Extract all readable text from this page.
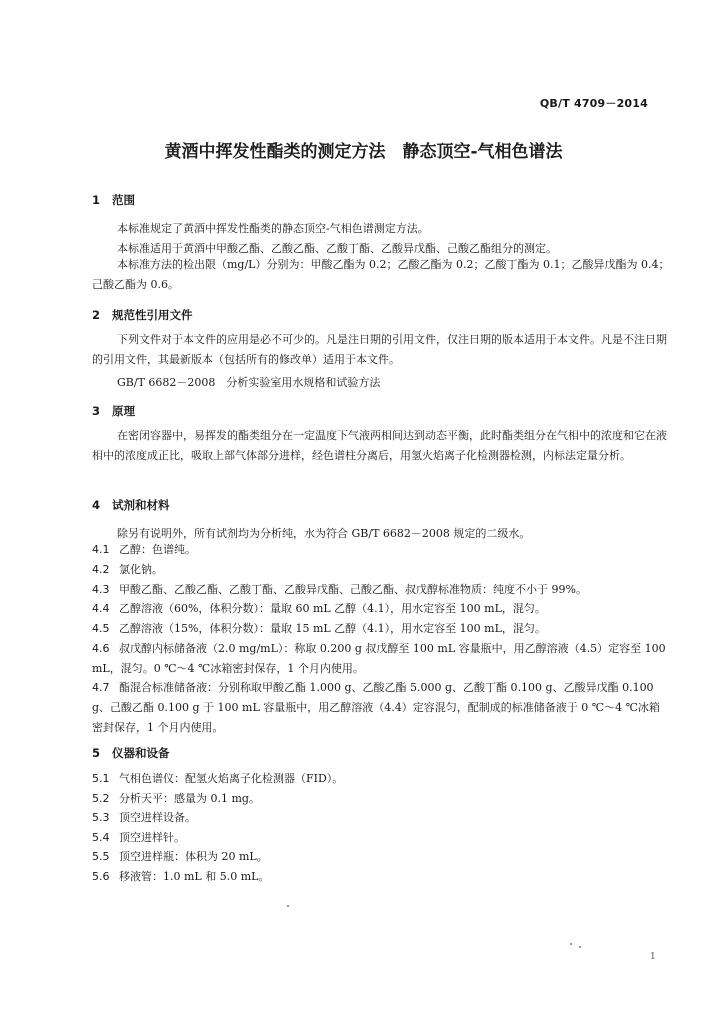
QB/T 4709－2014
黄酒中挥发性酯类的测定方法　静态顶空-气相色谱法
1 范围
本标准规定了黄酒中挥发性酯类的静态顶空-气相色谱测定方法。
本标准适用于黄酒中甲酸乙酯、乙酸乙酯、乙酸丁酯、乙酸异戊酯、己酸乙酯组分的测定。
本标准方法的检出限（mg/L）分别为：甲酸乙酯为 0.2；乙酸乙酯为 0.2；乙酸丁酯为 0.1；乙酸异戊酯为 0.4；己酸乙酯为 0.6。
2 规范性引用文件
下列文件对于本文件的应用是必不可少的。凡是注日期的引用文件，仅注日期的版本适用于本文件。凡是不注日期的引用文件，其最新版本（包括所有的修改单）适用于本文件。
GB/T 6682－2008　分析实验室用水规格和试验方法
3 原理
在密闭容器中，易挥发的酯类组分在一定温度下气液两相间达到动态平衡，此时酯类组分在气相中的浓度和它在液相中的浓度成正比，吸取上部气体部分进样，经色谱柱分离后，用氢火焰离子化检测器检测，内标法定量分析。
4 试剂和材料
除另有说明外，所有试剂均为分析纯，水为符合 GB/T 6682－2008 规定的二级水。
4.1 乙醇：色谱纯。
4.2 氯化钠。
4.3 甲酸乙酯、乙酸乙酯、乙酸丁酯、乙酸异戊酯、己酸乙酯、叔戊醇标准物质：纯度不小于 99%。
4.4 乙醇溶液（60%，体积分数）：量取 60 mL 乙醇（4.1），用水定容至 100 mL，混匀。
4.5 乙醇溶液（15%，体积分数）：量取 15 mL 乙醇（4.1），用水定容至 100 mL，混匀。
4.6 叔戊醇内标储备液（2.0 mg/mL）：称取 0.200 g 叔戊醇至 100 mL 容量瓶中，用乙醇溶液（4.5）定容至 100 mL，混匀。0 ℃～4 ℃冰箱密封保存，1 个月内使用。
4.7 酯混合标准储备液：分别称取甲酸乙酯 1.000 g、乙酸乙酯 5.000 g、乙酸丁酯 0.100 g、乙酸异戊酯 0.100 g、己酸乙酯 0.100 g 于 100 mL 容量瓶中，用乙醇溶液（4.4）定容混匀，配制成的标准储备液于 0 ℃～4 ℃冰箱密封保存，1 个月内使用。
5 仪器和设备
5.1 气相色谱仪：配氢火焰离子化检测器（FID）。
5.2 分析天平：感量为 0.1 mg。
5.3 顶空进样设备。
5.4 顶空进样针。
5.5 顶空进样瓶：体积为 20 mL。
5.6 移液管：1.0 mL 和 5.0 mL。
1
